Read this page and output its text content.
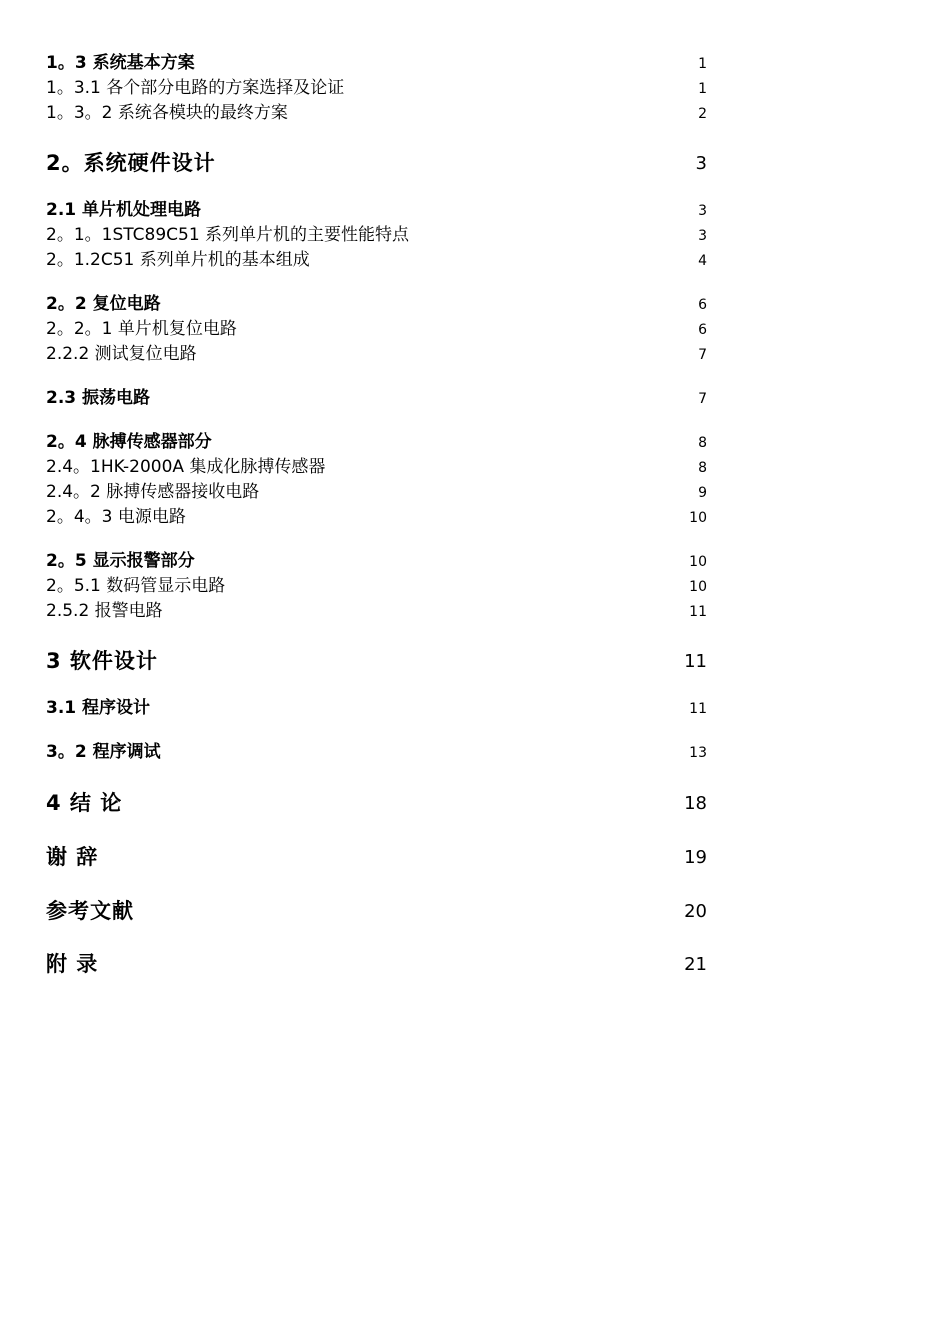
1。3 系统基本方案	1
1。3.1 各个部分电路的方案选择及论证	1
1。3。2 系统各模块的最终方案	2
2。系统硬件设计	3
2.1 单片机处理电路	3
2。1。1STC89C51 系列单片机的主要性能特点	3
2。1.2C51 系列单片机的基本组成	4
2。2 复位电路	6
2。2。1 单片机复位电路	6
2.2.2 测试复位电路	7
2.3 振荡电路	7
2。4 脉搏传感器部分	8
2.4。1HK-2000A 集成化脉搏传感器	8
2.4。2 脉搏传感器接收电路	9
2。4。3 电源电路	10
2。5 显示报警部分	10
2。5.1 数码管显示电路	10
2.5.2 报警电路	11
3 软件设计	11
3.1 程序设计	11
3。2 程序调试	13
4 结 论	18
谢 辞	19
参考文献	20
附 录	21
